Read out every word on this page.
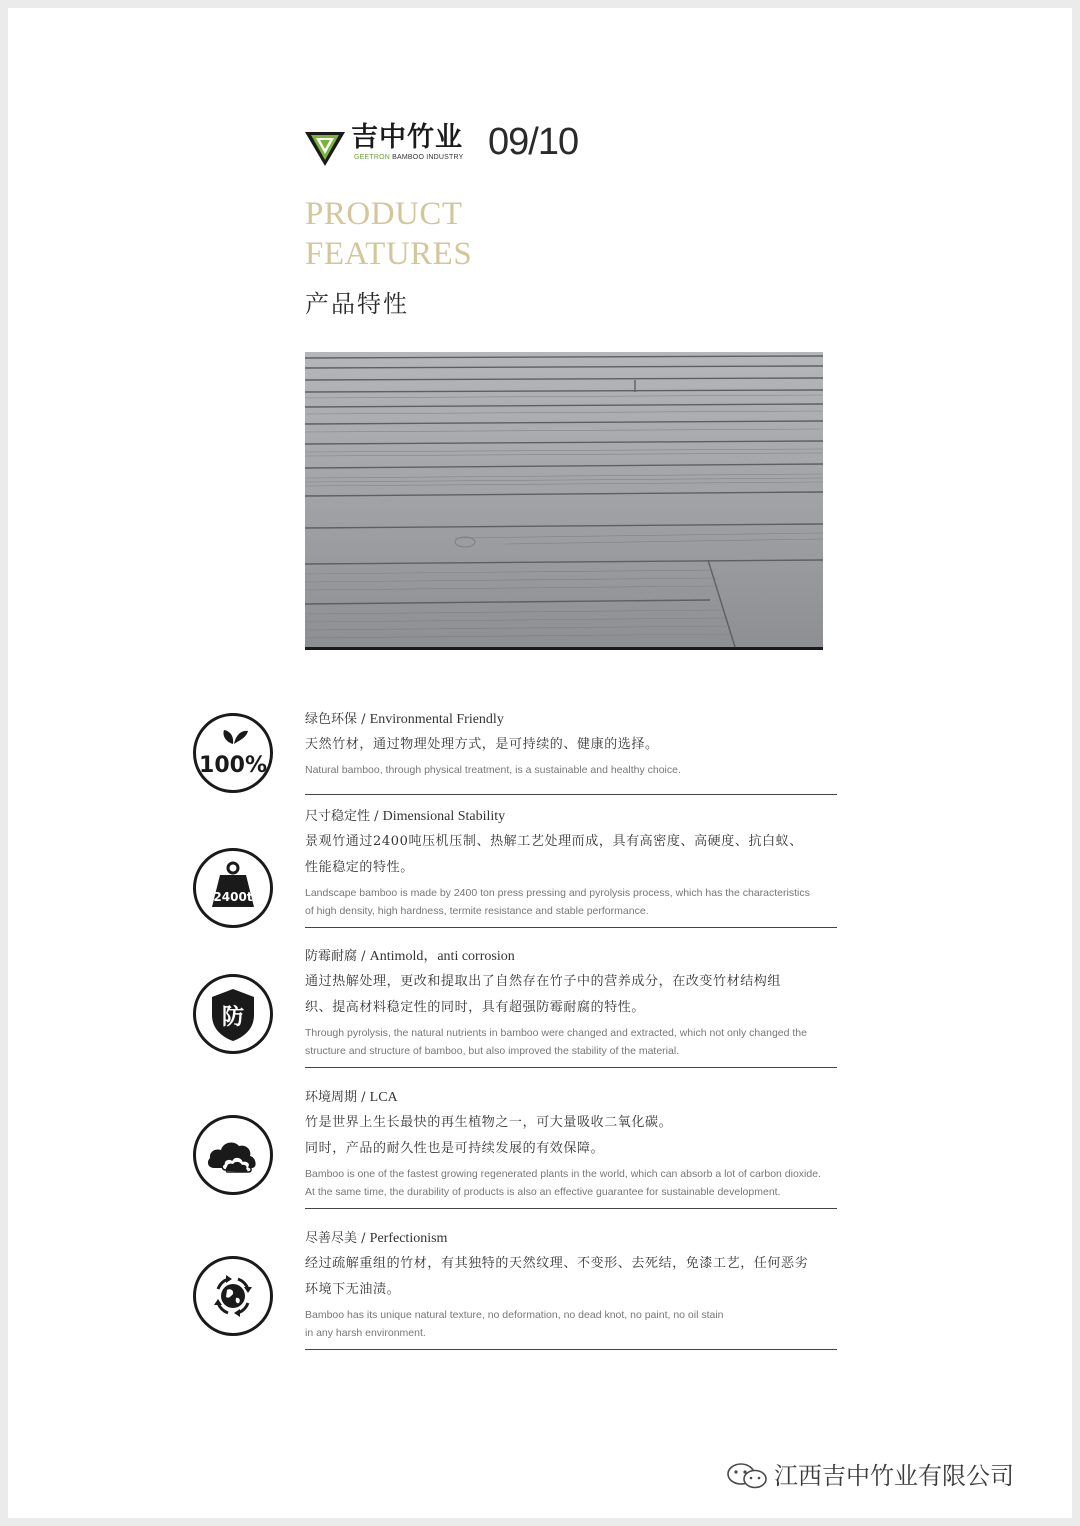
吉中竹业
GEETRON BAMBOO INDUSTRY 09/10
PRODUCT
FEATURES
产品特性
100%
绿色环保 / Environmental Friendly
天然竹材，通过物理处理方式，是可持续的、健康的选择。
Natural bamboo, through physical treatment, is a sustainable and healthy choice.
2400t
尺寸稳定性 / Dimensional Stability
景观竹通过2400吨压机压制、热解工艺处理而成，具有高密度、高硬度、抗白蚁、
性能稳定的特性。
Landscape bamboo is made by 2400 ton press pressing and pyrolysis process, which has the characteristics
of high density, high hardness, termite resistance and stable performance.
防
防霉耐腐 / Antimold，anti corrosion
通过热解处理，更改和提取出了自然存在竹子中的营养成分，在改变竹材结构组
织、提高材料稳定性的同时，具有超强防霉耐腐的特性。
Through pyrolysis, the natural nutrients in bamboo were changed and extracted, which not only changed the
structure and structure of bamboo, but also improved the stability of the material.
环境周期 / LCA
竹是世界上生长最快的再生植物之一，可大量吸收二氧化碳。
同时，产品的耐久性也是可持续发展的有效保障。
Bamboo is one of the fastest growing regenerated plants in the world, which can absorb a lot of carbon dioxide.
At the same time, the durability of products is also an effective guarantee for sustainable development.
尽善尽美 / Perfectionism
经过疏解重组的竹材，有其独特的天然纹理、不变形、去死结，免漆工艺，任何恶劣
环境下无油渍。
Bamboo has its unique natural texture, no deformation, no dead knot, no paint, no oil stain
in any harsh environment.
江西吉中竹业有限公司
